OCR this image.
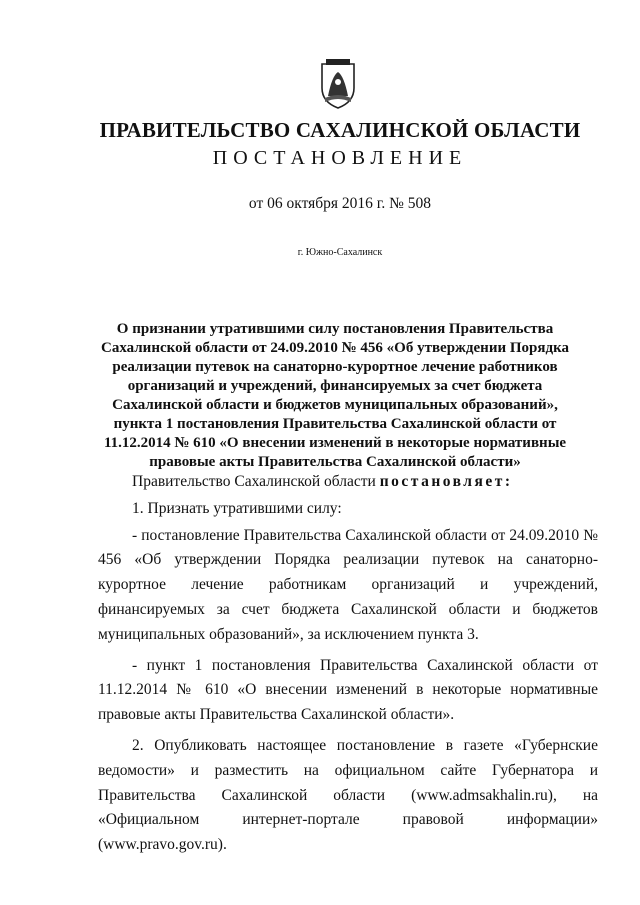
ПРАВИТЕЛЬСТВО САХАЛИНСКОЙ ОБЛАСТИ
ПОСТАНОВЛЕНИЕ
от 06 октября 2016 г. № 508
г. Южно-Сахалинск
О признании утратившими силу постановления Правительства Сахалинской области от 24.09.2010 № 456 «Об утверждении Порядка реализации путевок на санаторно-курортное лечение работников организаций и учреждений, финансируемых за счет бюджета Сахалинской области и бюджетов муниципальных образований», пункта 1 постановления Правительства Сахалинской области от 11.12.2014 № 610 «О внесении изменений в некоторые нормативные правовые акты Правительства Сахалинской области»

Правительство Сахалинской области постановляет:

1. Признать утратившими силу:

- постановление Правительства Сахалинской области от 24.09.2010 № 456 «Об утверждении Порядка реализации путевок на санаторно-курортное лечение работникам организаций и учреждений, финансируемых за счет бюджета Сахалинской области и бюджетов муниципальных образований», за исключением пункта 3.

- пункт 1 постановления Правительства Сахалинской области от 11.12.2014 № 610 «О внесении изменений в некоторые нормативные правовые акты Правительства Сахалинской области».

2. Опубликовать настоящее постановление в газете «Губернские ведомости» и разместить на официальном сайте Губернатора и Правительства Сахалинской области (www.admsakhalin.ru), на «Официальном интернет-портале правовой информации» (www.pravo.gov.ru).
